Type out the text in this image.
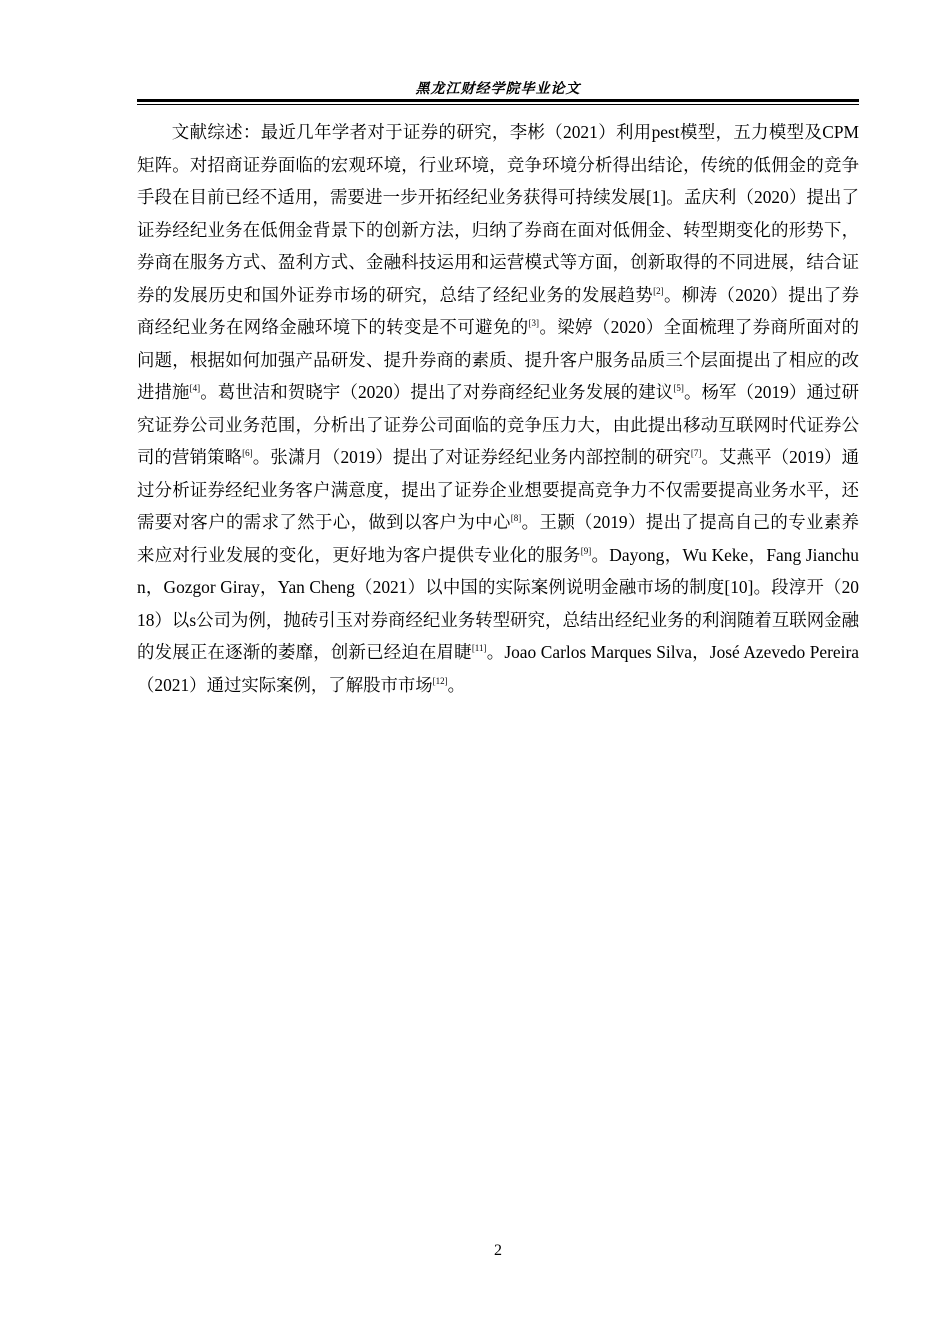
黑龙江财经学院毕业论文

文献综述：最近几年学者对于证券的研究，李彬（2021）利用pest模型，五力模型及CPM矩阵。对招商证券面临的宏观环境，行业环境，竞争环境分析得出结论，传统的低佣金的竞争手段在目前已经不适用，需要进一步开拓经纪业务获得可持续发展[1]。孟庆利（2020）提出了证券经纪业务在低佣金背景下的创新方法，归纳了券商在面对低佣金、转型期变化的形势下，券商在服务方式、盈利方式、金融科技运用和运营模式等方面，创新取得的不同进展，结合证券的发展历史和国外证券市场的研究，总结了经纪业务的发展趋势[2]。柳涛（2020）提出了券商经纪业务在网络金融环境下的转变是不可避免的[3]。梁婷（2020）全面梳理了券商所面对的问题，根据如何加强产品研发、提升券商的素质、提升客户服务品质三个层面提出了相应的改进措施[4]。葛世洁和贺晓宇（2020）提出了对券商经纪业务发展的建议[5]。杨军（2019）通过研究证券公司业务范围，分析出了证券公司面临的竞争压力大，由此提出移动互联网时代证券公司的营销策略[6]。张潇月（2019）提出了对证券经纪业务内部控制的研究[7]。艾燕平（2019）通过分析证券经纪业务客户满意度，提出了证券企业想要提高竞争力不仅需要提高业务水平，还需要对客户的需求了然于心，做到以客户为中心[8]。王颢（2019）提出了提高自己的专业素养来应对行业发展的变化，更好地为客户提供专业化的服务[9]。Dayong，Wu Keke，Fang Jianchun，Gozgor Giray，Yan Cheng（2021）以中国的实际案例说明金融市场的制度[10]。段淳开（2018）以s公司为例，抛砖引玉对券商经纪业务转型研究，总结出经纪业务的利润随着互联网金融的发展正在逐渐的萎靡，创新已经迫在眉睫[11]。Joao Carlos Marques Silva，José Azevedo Pereira（2021）通过实际案例，了解股市市场[12]。

2
